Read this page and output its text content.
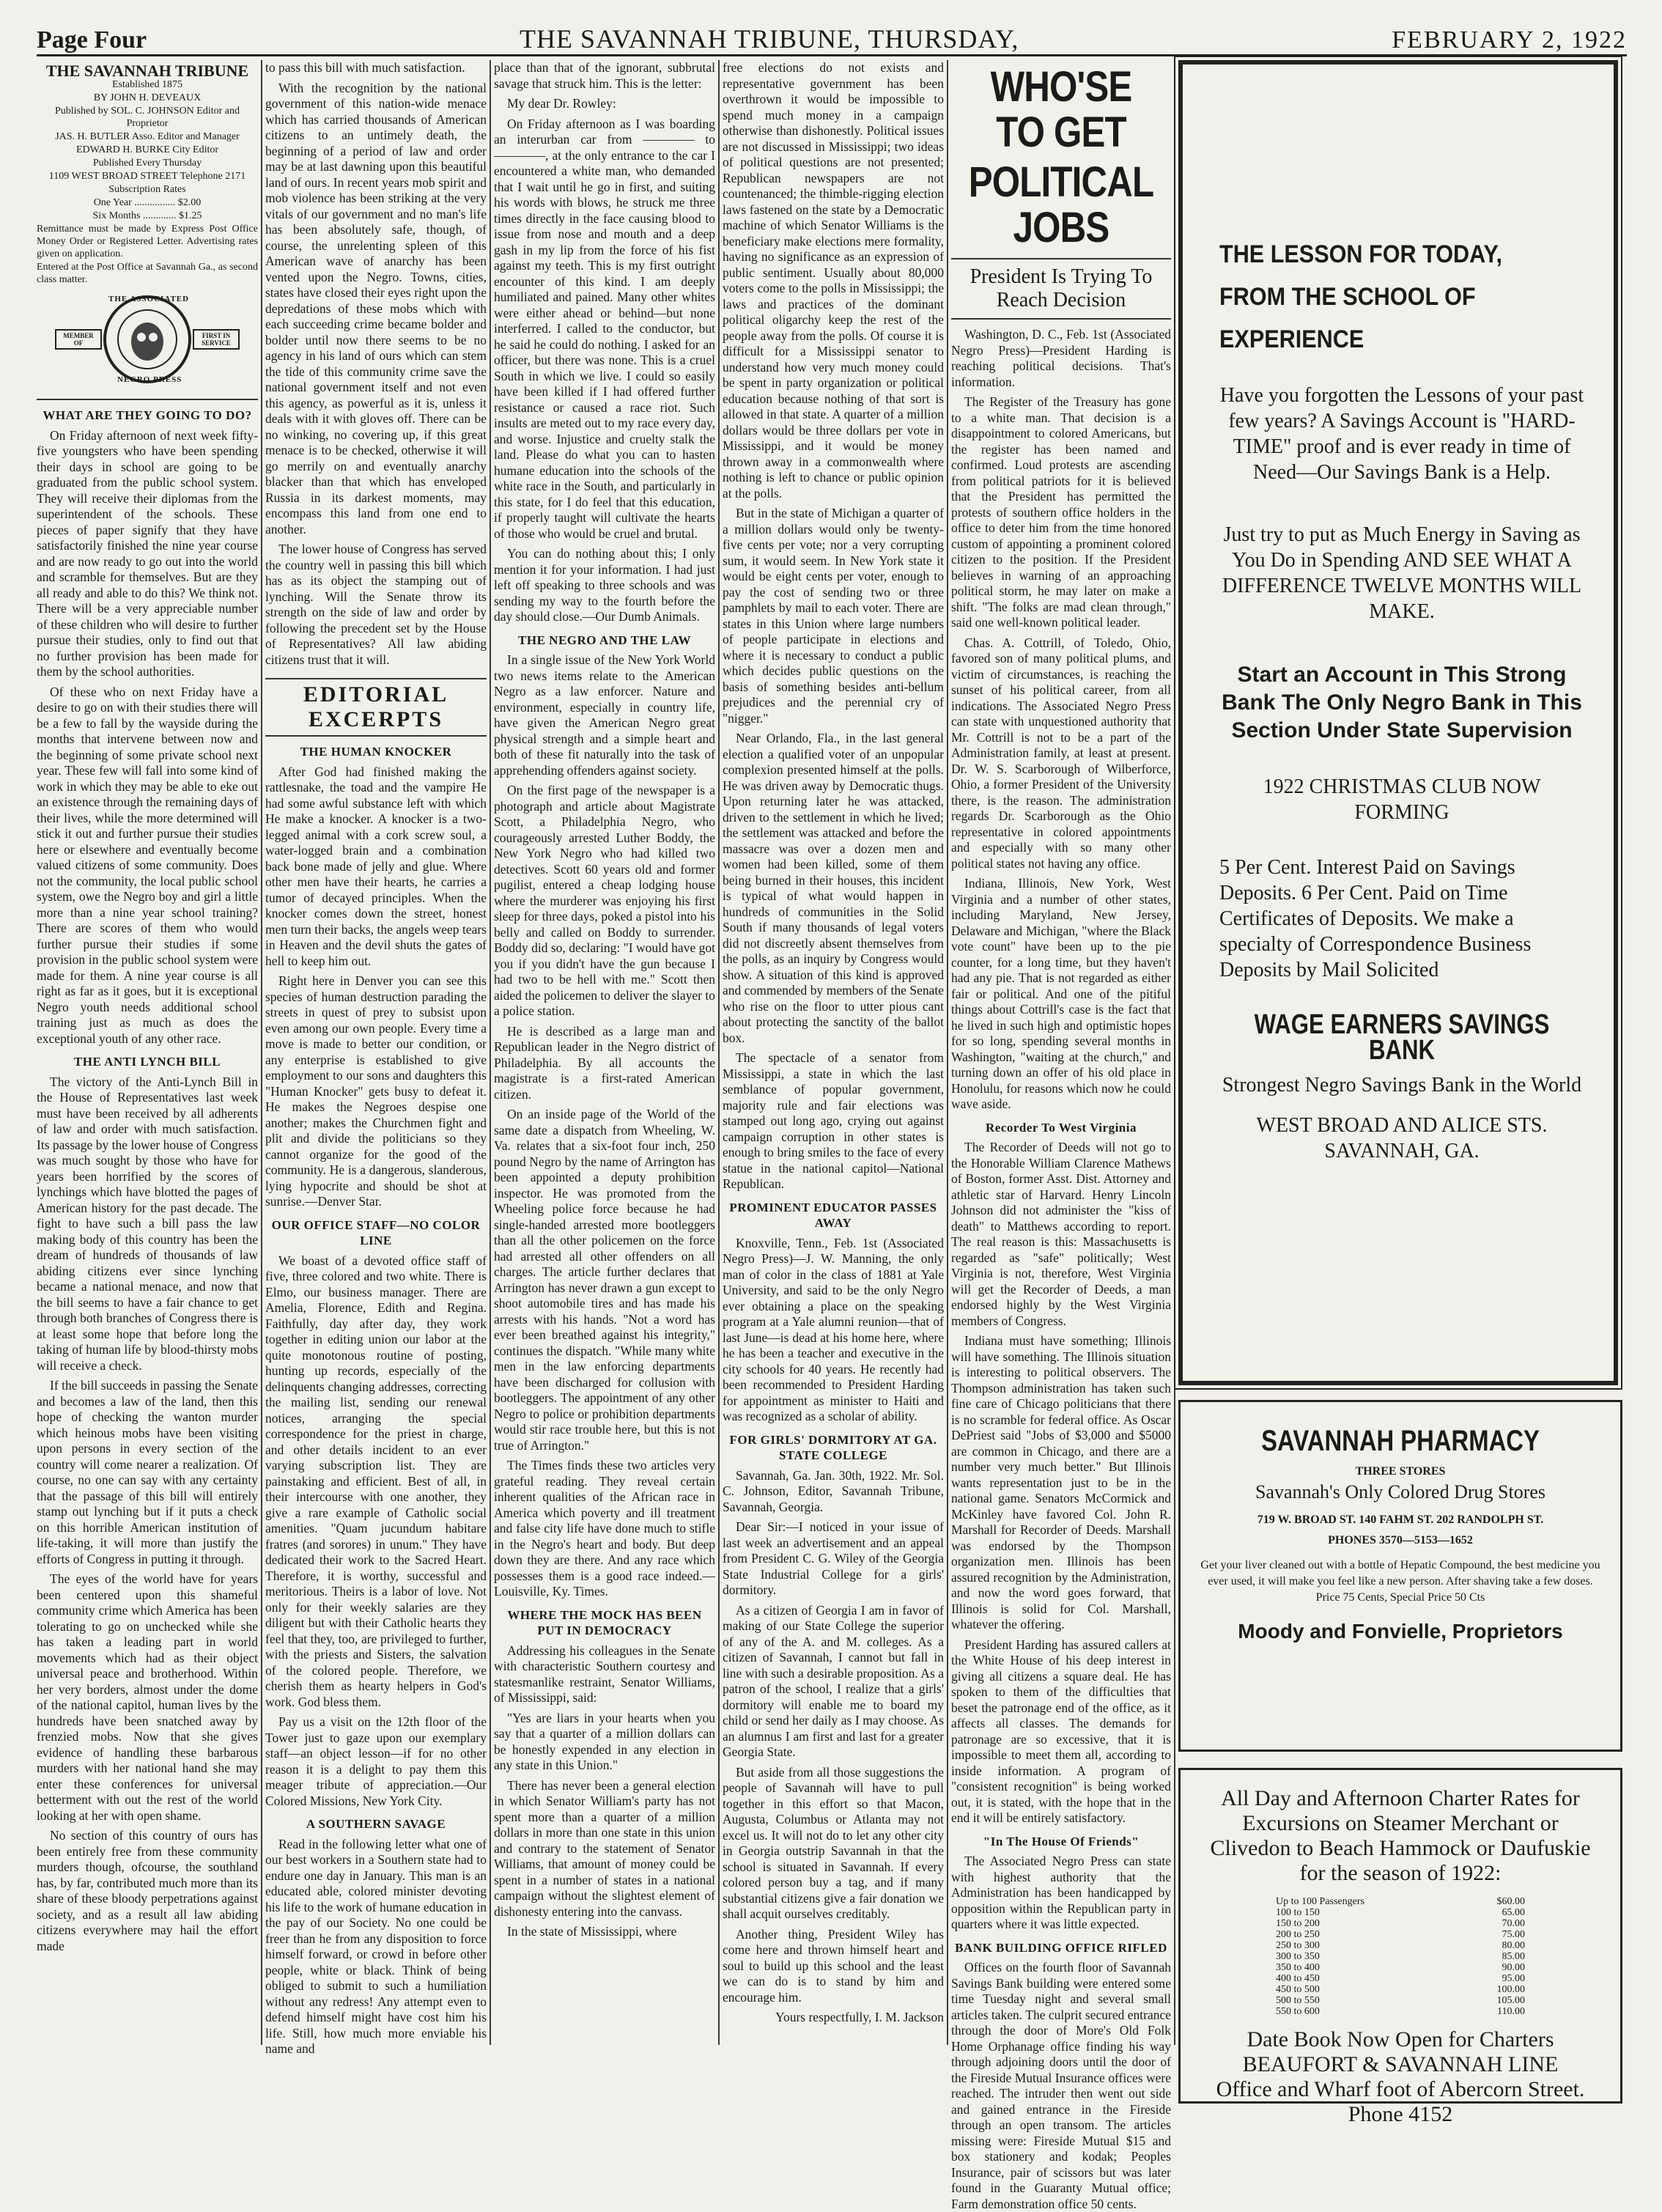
Page Four	THE SAVANNAH TRIBUNE, THURSDAY,	FEBRUARY 2, 1922
THE SAVANNAH TRIBUNE
Established 1875
BY JOHN H. DEVEAUX
Published by SOL. C. JOHNSON Editor and Proprietor
JAS. H. BUTLER Asso. Editor and Manager
EDWARD H. BURKE City Editor
Published Every Thursday
1109 WEST BROAD STREET Telephone 2171
Subscription Rates
One Year ................ $2.00
Six Months ............. $1.25
Remittance must be made by Express Post Office Money Order or Registered Letter. Advertising rates given on application.
Entered at the Post Office at Savannah Ga., as second class matter.
THE ASSOCIATED
NEGRO PRESS
MEMBER OF
FIRST IN SERVICE
WHAT ARE THEY GOING TO DO?

On Friday afternoon of next week fifty-five youngsters who have been spending their days in school are going to be graduated from the public school system. They will receive their diplomas from the superintendent of the schools. These pieces of paper signify that they have satisfactorily finished the nine year course and are now ready to go out into the world and scramble for themselves. But are they all ready and able to do this? We think not. There will be a very appreciable number of these children who will desire to further pursue their studies, only to find out that no further provision has been made for them by the school authorities.

Of these who on next Friday have a desire to go on with their studies there will be a few to fall by the wayside during the months that intervene between now and the beginning of some private school next year. These few will fall into some kind of work in which they may be able to eke out an existence through the remaining days of their lives, while the more determined will stick it out and further pursue their studies here or elsewhere and eventually become valued citizens of some community. Does not the community, the local public school system, owe the Negro boy and girl a little more than a nine year school training? There are scores of them who would further pursue their studies if some provision in the public school system were made for them. A nine year course is all right as far as it goes, but it is exceptional Negro youth needs additional school training just as much as does the exceptional youth of any other race.

THE ANTI LYNCH BILL

The victory of the Anti-Lynch Bill in the House of Representatives last week must have been received by all adherents of law and order with much satisfaction. Its passage by the lower house of Congress was much sought by those who have for years been horrified by the scores of lynchings which have blotted the pages of American history for the past decade. The fight to have such a bill pass the law making body of this country has been the dream of hundreds of thousands of law abiding citizens ever since lynching became a national menace, and now that the bill seems to have a fair chance to get through both branches of Congress there is at least some hope that before long the taking of human life by blood-thirsty mobs will receive a check.

If the bill succeeds in passing the Senate and becomes a law of the land, then this hope of checking the wanton murder which heinous mobs have been visiting upon persons in every section of the country will come nearer a realization. Of course, no one can say with any certainty that the passage of this bill will entirely stamp out lynching but if it puts a check on this horrible American institution of life-taking, it will more than justify the efforts of Congress in putting it through.

The eyes of the world have for years been centered upon this shameful community crime which America has been tolerating to go on unchecked while she has taken a leading part in world movements which had as their object universal peace and brotherhood. Within her very borders, almost under the dome of the national capitol, human lives by the hundreds have been snatched away by frenzied mobs. Now that she gives evidence of handling these barbarous murders with her national hand she may enter these conferences for universal betterment with out the rest of the world looking at her with open shame.

No section of this country of ours has been entirely free from these community murders though, ofcourse, the southland has, by far, contributed much more than its share of these bloody perpetrations against society, and as a result all law abiding citizens everywhere may hail the effort made

to pass this bill with much satisfaction.

With the recognition by the national government of this nation-wide menace which has carried thousands of American citizens to an untimely death, the beginning of a period of law and order may be at last dawning upon this beautiful land of ours. In recent years mob spirit and mob violence has been striking at the very vitals of our government and no man's life has been absolutely safe, though, of course, the unrelenting spleen of this American wave of anarchy has been vented upon the Negro. Towns, cities, states have closed their eyes right upon the depredations of these mobs which with each succeeding crime became bolder and bolder until now there seems to be no agency in his land of ours which can stem the tide of this community crime save the national government itself and not even this agency, as powerful as it is, unless it deals with it with gloves off. There can be no winking, no covering up, if this great menace is to be checked, otherwise it will go merrily on and eventually anarchy blacker than that which has enveloped Russia in its darkest moments, may encompass this land from one end to another.

The lower house of Congress has served the country well in passing this bill which has as its object the stamping out of lynching. Will the Senate throw its strength on the side of law and order by following the precedent set by the House of Representatives? All law abiding citizens trust that it will.

EDITORIAL EXCERPTS
THE HUMAN KNOCKER

After God had finished making the rattlesnake, the toad and the vampire He had some awful substance left with which He make a knocker. A knocker is a two-legged animal with a cork screw soul, a water-logged brain and a combination back bone made of jelly and glue. Where other men have their hearts, he carries a tumor of decayed principles. When the knocker comes down the street, honest men turn their backs, the angels weep tears in Heaven and the devil shuts the gates of hell to keep him out.

Right here in Denver you can see this species of human destruction parading the streets in quest of prey to subsist upon even among our own people. Every time a move is made to better our condition, or any enterprise is established to give employment to our sons and daughters this "Human Knocker" gets busy to defeat it. He makes the Negroes despise one another; makes the Churchmen fight and plit and divide the politicians so they cannot organize for the good of the community. He is a dangerous, slanderous, lying hypocrite and should be shot at sunrise.—Denver Star.

OUR OFFICE STAFF—NO COLOR LINE

We boast of a devoted office staff of five, three colored and two white. There is Elmo, our business manager. There are Amelia, Florence, Edith and Regina. Faithfully, day after day, they work together in editing union our labor at the quite monotonous routine of posting, hunting up records, especially of the delinquents changing addresses, correcting the mailing list, sending our renewal notices, arranging the special correspondence for the priest in charge, and other details incident to an ever varying subscription list. They are painstaking and efficient. Best of all, in their intercourse with one another, they give a rare example of Catholic social amenities. "Quam jucundum habitare fratres (and sorores) in unum." They have dedicated their work to the Sacred Heart. Therefore, it is worthy, successful and meritorious. Theirs is a labor of love. Not only for their weekly salaries are they diligent but with their Catholic hearts they feel that they, too, are privileged to further, with the priests and Sisters, the salvation of the colored people. Therefore, we cherish them as hearty helpers in God's work. God bless them.

Pay us a visit on the 12th floor of the Tower just to gaze upon our exemplary staff—an object lesson—if for no other reason it is a delight to pay them this meager tribute of appreciation.—Our Colored Missions, New York City.

A SOUTHERN SAVAGE

Read in the following letter what one of our best workers in a Southern state had to endure one day in January. This man is an educated able, colored minister devoting his life to the work of humane education in the pay of our Society. No one could be freer than he from any disposition to force himself forward, or crowd in before other people, white or black. Think of being obliged to submit to such a humiliation without any redress! Any attempt even to defend himself might have cost him his life. Still, how much more enviable his name and

place than that of the ignorant, subbrutal savage that struck him. This is the letter:

My dear Dr. Rowley:

On Friday afternoon as I was boarding an interurban car from ———— to————, at the only entrance to the car I encountered a white man, who demanded that I wait until he go in first, and suiting his words with blows, he struck me three times directly in the face causing blood to issue from nose and mouth and a deep gash in my lip from the force of his fist against my teeth. This is my first outright encounter of this kind. I am deeply humiliated and pained. Many other whites were either ahead or behind—but none interferred. I called to the conductor, but he said he could do nothing. I asked for an officer, but there was none. This is a cruel South in which we live. I could so easily have been killed if I had offered further resistance or caused a race riot. Such insults are meted out to my race every day, and worse. Injustice and cruelty stalk the land. Please do what you can to hasten humane education into the schools of the white race in the South, and particularly in this state, for I do feel that this education, if properly taught will cultivate the hearts of those who would be cruel and brutal.

You can do nothing about this; I only mention it for your information. I had just left off speaking to three schools and was sending my way to the fourth before the day should close.—Our Dumb Animals.

THE NEGRO AND THE LAW

In a single issue of the New York World two news items relate to the American Negro as a law enforcer. Nature and environment, especially in country life, have given the American Negro great physical strength and a simple heart and both of these fit naturally into the task of apprehending offenders against society.

On the first page of the newspaper is a photograph and article about Magistrate Scott, a Philadelphia Negro, who courageously arrested Luther Boddy, the New York Negro who had killed two detectives. Scott 60 years old and former pugilist, entered a cheap lodging house where the murderer was enjoying his first sleep for three days, poked a pistol into his belly and called on Boddy to surrender. Boddy did so, declaring: "I would have got you if you didn't have the gun because I had two to be hell with me." Scott then aided the policemen to deliver the slayer to a police station.

He is described as a large man and Republican leader in the Negro district of Philadelphia. By all accounts the magistrate is a first-rated American citizen.

On an inside page of the World of the same date a dispatch from Wheeling, W. Va. relates that a six-foot four inch, 250 pound Negro by the name of Arrington has been appointed a deputy prohibition inspector. He was promoted from the Wheeling police force because he had single-handed arrested more bootleggers than all the other policemen on the force had arrested all other offenders on all charges. The article further declares that Arrington has never drawn a gun except to shoot automobile tires and has made his arrests with his hands. "Not a word has ever been breathed against his integrity," continues the dispatch. "While many white men in the law enforcing departments have been discharged for collusion with bootleggers. The appointment of any other Negro to police or prohibition departments would stir race trouble here, but this is not true of Arrington."

The Times finds these two articles very grateful reading. They reveal certain inherent qualities of the African race in America which poverty and ill treatment and false city life have done much to stifle in the Negro's heart and body. But deep down they are there. And any race which possesses them is a good race indeed.—Louisville, Ky. Times.

WHERE THE MOCK HAS BEEN PUT IN DEMOCRACY

Addressing his colleagues in the Senate with characteristic Southern courtesy and statesmanlike restraint, Senator Williams, of Mississippi, said:

"Yes are liars in your hearts when you say that a quarter of a million dollars can be honestly expended in any election in any state in this Union."

There has never been a general election in which Senator William's party has not spent more than a quarter of a million dollars in more than one state in this union and contrary to the statement of Senator Williams, that amount of money could be spent in a number of states in a national campaign without the slightest element of dishonesty entering into the canvass.

In the state of Mississippi, where

free elections do not exists and representative government has been overthrown it would be impossible to spend much money in a campaign otherwise than dishonestly. Political issues are not discussed in Mississippi; two ideas of political questions are not presented; Republican newspapers are not countenanced; the thimble-rigging election laws fastened on the state by a Democratic machine of which Senator Williams is the beneficiary make elections mere formality, having no significance as an expression of public sentiment. Usually about 80,000 voters come to the polls in Mississippi; the laws and practices of the dominant political oligarchy keep the rest of the people away from the polls. Of course it is difficult for a Mississippi senator to understand how very much money could be spent in party organization or political education because nothing of that sort is allowed in that state. A quarter of a million dollars would be three dollars per vote in Mississippi, and it would be money thrown away in a commonwealth where nothing is left to chance or public opinion at the polls.

But in the state of Michigan a quarter of a million dollars would only be twenty-five cents per vote; nor a very corrupting sum, it would seem. In New York state it would be eight cents per voter, enough to pay the cost of sending two or three pamphlets by mail to each voter. There are states in this Union where large numbers of people participate in elections and where it is necessary to conduct a public which decides public questions on the basis of something besides anti-bellum prejudices and the perennial cry of "nigger."

Near Orlando, Fla., in the last general election a qualified voter of an unpopular complexion presented himself at the polls. He was driven away by Democratic thugs. Upon returning later he was attacked, driven to the settlement in which he lived; the settlement was attacked and before the massacre was over a dozen men and women had been killed, some of them being burned in their houses, this incident is typical of what would happen in hundreds of communities in the Solid South if many thousands of legal voters did not discreetly absent themselves from the polls, as an inquiry by Congress would show. A situation of this kind is approved and commended by members of the Senate who rise on the floor to utter pious cant about protecting the sanctity of the ballot box.

The spectacle of a senator from Mississippi, a state in which the last semblance of popular government, majority rule and fair elections was stamped out long ago, crying out against campaign corruption in other states is enough to bring smiles to the face of every statue in the national capitol—National Republican.

PROMINENT EDUCATOR PASSES AWAY

Knoxville, Tenn., Feb. 1st (Associated Negro Press)—J. W. Manning, the only man of color in the class of 1881 at Yale University, and said to be the only Negro ever obtaining a place on the speaking program at a Yale alumni reunion—that of last June—is dead at his home here, where he has been a teacher and executive in the city schools for 40 years. He recently had been recommended to President Harding for appointment as minister to Haiti and was recognized as a scholar of ability.

FOR GIRLS' DORMITORY AT GA. STATE COLLEGE

Savannah, Ga. Jan. 30th, 1922. Mr. Sol. C. Johnson, Editor, Savannah Tribune, Savannah, Georgia.

Dear Sir:—I noticed in your issue of last week an advertisement and an appeal from President C. G. Wiley of the Georgia State Industrial College for a girls' dormitory.

As a citizen of Georgia I am in favor of making of our State College the superior of any of the A. and M. colleges. As a citizen of Savannah, I cannot but fall in line with such a desirable proposition. As a patron of the school, I realize that a girls' dormitory will enable me to board my child or send her daily as I may choose. As an alumnus I am first and last for a greater Georgia State.

But aside from all those suggestions the people of Savannah will have to pull together in this effort so that Macon, Augusta, Columbus or Atlanta may not excel us. It will not do to let any other city in Georgia outstrip Savannah in that the school is situated in Savannah. If every colored person buy a tag, and if many substantial citizens give a fair donation we shall acquit ourselves creditably.

Another thing, President Wiley has come here and thrown himself heart and soul to build up this school and the least we can do is to stand by him and encourage him.

Yours respectfully, I. M. Jackson

WHO'SE TO GET
POLITICAL JOBS
President Is Trying To Reach Decision

Washington, D. C., Feb. 1st (Associated Negro Press)—President Harding is reaching political decisions. That's information.

The Register of the Treasury has gone to a white man. That decision is a disappointment to colored Americans, but the register has been named and confirmed. Loud protests are ascending from political patriots for it is believed that the President has permitted the protests of southern office holders in the office to deter him from the time honored custom of appointing a prominent colored citizen to the position. If the President believes in warning of an approaching political storm, he may later on make a shift. "The folks are mad clean through," said one well-known political leader.

Chas. A. Cottrill, of Toledo, Ohio, favored son of many political plums, and victim of circumstances, is reaching the sunset of his political career, from all indications. The Associated Negro Press can state with unquestioned authority that Mr. Cottrill is not to be a part of the Administration family, at least at present. Dr. W. S. Scarborough of Wilberforce, Ohio, a former President of the University there, is the reason. The administration regards Dr. Scarborough as the Ohio representative in colored appointments and especially with so many other political states not having any office.

Indiana, Illinois, New York, West Virginia and a number of other states, including Maryland, New Jersey, Delaware and Michigan, "where the Black vote count" have been up to the pie counter, for a long time, but they haven't had any pie. That is not regarded as either fair or political. And one of the pitiful things about Cottrill's case is the fact that he lived in such high and optimistic hopes for so long, spending several months in Washington, "waiting at the church," and turning down an offer of his old place in Honolulu, for reasons which now he could wave aside.

Recorder To West Virginia

The Recorder of Deeds will not go to the Honorable William Clarence Mathews of Boston, former Asst. Dist. Attorney and athletic star of Harvard. Henry Lincoln Johnson did not administer the "kiss of death" to Matthews according to report. The real reason is this: Massachusetts is regarded as "safe" politically; West Virginia is not, therefore, West Virginia will get the Recorder of Deeds, a man endorsed highly by the West Virginia members of Congress.

Indiana must have something; Illinois will have something. The Illinois situation is interesting to political observers. The Thompson administration has taken such fine care of Chicago politicians that there is no scramble for federal office. As Oscar DePriest said "Jobs of $3,000 and $5000 are common in Chicago, and there are a number very much better." But Illinois wants representation just to be in the national game. Senators McCormick and McKinley have favored Col. John R. Marshall for Recorder of Deeds. Marshall was endorsed by the Thompson organization men. Illinois has been assured recognition by the Administration, and now the word goes forward, that Illinois is solid for Col. Marshall, whatever the offering.

President Harding has assured callers at the White House of his deep interest in giving all citizens a square deal. He has spoken to them of the difficulties that beset the patronage end of the office, as it affects all classes. The demands for patronage are so excessive, that it is impossible to meet them all, according to inside information. A program of "consistent recognition" is being worked out, it is stated, with the hope that in the end it will be entirely satisfactory.

"In The House Of Friends"

The Associated Negro Press can state with highest authority that the Administration has been handicapped by opposition within the Republican party in quarters where it was little expected.

BANK BUILDING OFFICE RIFLED

Offices on the fourth floor of Savannah Savings Bank building were entered some time Tuesday night and several small articles taken. The culprit secured entrance through the door of More's Old Folk Home Orphanage office finding his way through adjoining doors until the door of the Fireside Mutual Insurance offices were reached. The intruder then went out side and gained entrance in the Fireside through an open transom. The articles missing were: Fireside Mutual $15 and box stationery and kodak; Peoples Insurance, pair of scissors but was later found in the Guaranty Mutual office; Farm demonstration office 50 cents.

THE LESSON FOR TODAY,
FROM THE SCHOOL OF
EXPERIENCE
Have you forgotten the Lessons of your past few years? A Savings Account is "HARD-TIME" proof and is ever ready in time of Need—Our Savings Bank is a Help.
Just try to put as Much Energy in Saving as You Do in Spending AND SEE WHAT A DIFFERENCE TWELVE MONTHS WILL MAKE.
Start an Account in This Strong Bank The Only Negro Bank in This Section Under State Supervision
1922 CHRISTMAS CLUB NOW FORMING
5 Per Cent. Interest Paid on Savings Deposits. 6 Per Cent. Paid on Time Certificates of Deposits. We make a specialty of Correspondence Business Deposits by Mail Solicited
WAGE EARNERS SAVINGS BANK
Strongest Negro Savings Bank in the World
WEST BROAD AND ALICE STS.
SAVANNAH, GA.
SAVANNAH PHARMACY
THREE STORES
Savannah's Only Colored Drug Stores
719 W. BROAD ST. 140 FAHM ST. 202 RANDOLPH ST.
PHONES 3570—5153—1652
Get your liver cleaned out with a bottle of Hepatic Compound, the best medicine you ever used, it will make you feel like a new person. After shaving take a few doses. Price 75 Cents, Special Price 50 Cts
Moody and Fonvielle, Proprietors
All Day and Afternoon Charter Rates for Excursions on Steamer Merchant or Clivedon to Beach Hammock or Daufuskie for the season of 1922:
Up to 100 Passengers	$60.00
100 to 150	65.00
150 to 200	70.00
200 to 250	75.00
250 to 300	80.00
300 to 350	85.00
350 to 400	90.00
400 to 450	95.00
450 to 500	100.00
500 to 550	105.00
550 to 600	110.00
Date Book Now Open for Charters
BEAUFORT & SAVANNAH LINE
Office and Wharf foot of Abercorn Street. Phone 4152
